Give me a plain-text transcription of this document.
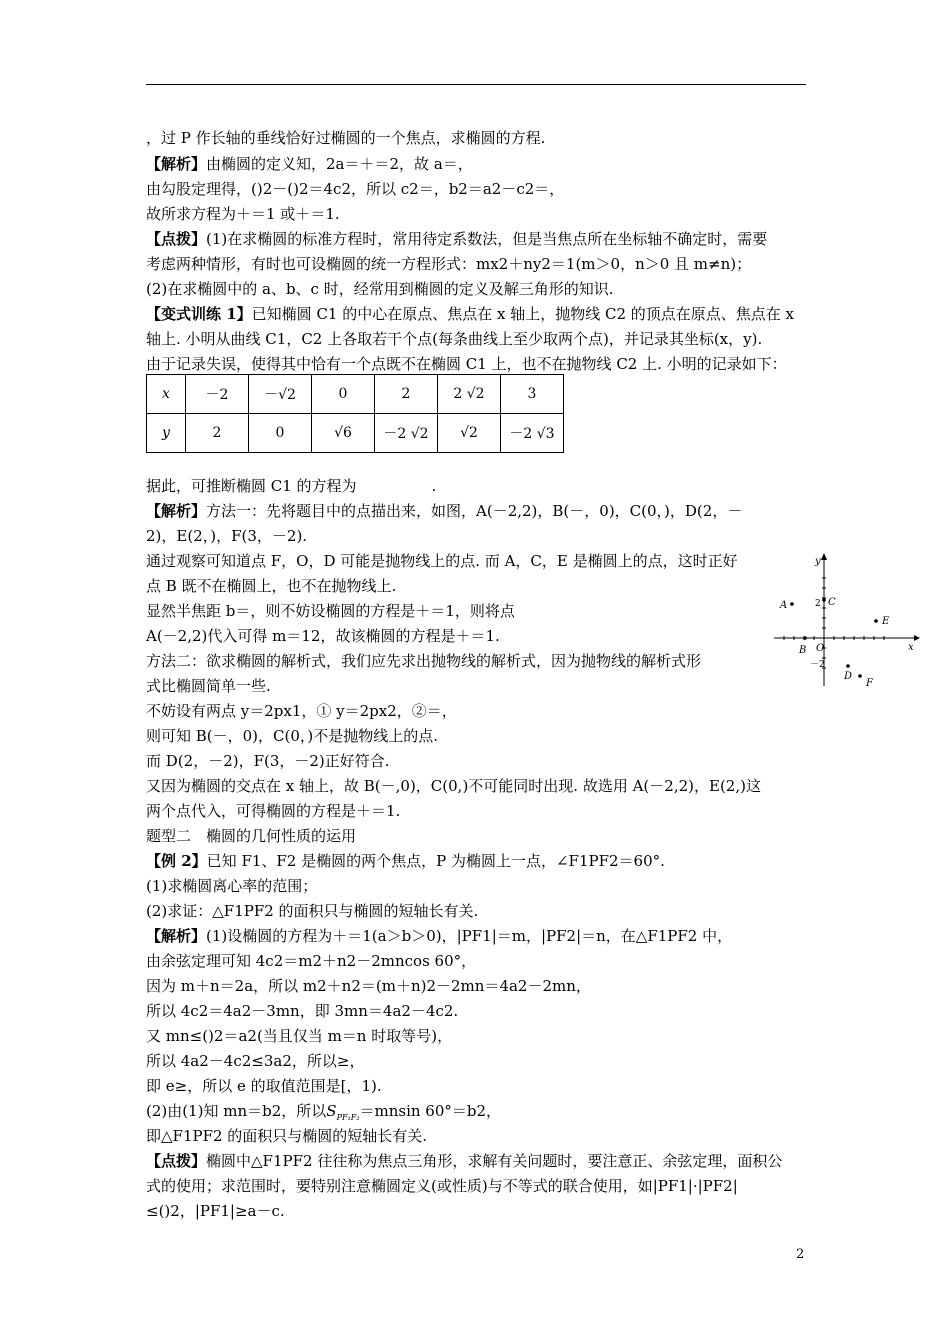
，过 P 作长轴的垂线恰好过椭圆的一个焦点，求椭圆的方程.
【解析】由椭圆的定义知，2a＝＋＝2，故 a＝，
由勾股定理得，()2－()2＝4c2，所以 c2＝，b2＝a2－c2＝，
故所求方程为＋＝1 或＋＝1.
【点拨】(1)在求椭圆的标准方程时，常用待定系数法，但是当焦点所在坐标轴不确定时，需要
考虑两种情形，有时也可设椭圆的统一方程形式：mx2＋ny2＝1(m＞0，n＞0 且 m≠n)；
(2)在求椭圆中的 a、b、c 时，经常用到椭圆的定义及解三角形的知识.
【变式训练 1】已知椭圆 C1 的中心在原点、焦点在 x 轴上，抛物线 C2 的顶点在原点、焦点在 x
轴上. 小明从曲线 C1，C2 上各取若干个点(每条曲线上至少取两个点)，并记录其坐标(x，y).
由于记录失误，使得其中恰有一个点既不在椭圆 C1 上，也不在抛物线 C2 上. 小明的记录如下：
x	－2	－√2	0	2	2 √2	3
y	2	0	√6	－2 √2	√2	－2 √3
据此，可推断椭圆 C1 的方程为　　　　　.
【解析】方法一：先将题目中的点描出来，如图，A(－2,2)，B(－，0)，C(0，)，D(2，－
2)，E(2，)，F(3，－2).
通过观察可知道点 F，O，D 可能是抛物线上的点. 而 A，C，E 是椭圆上的点，这时正好
点 B 既不在椭圆上，也不在抛物线上.
显然半焦距 b＝，则不妨设椭圆的方程是＋＝1，则将点
A(－2,2)代入可得 m＝12，故该椭圆的方程是＋＝1.
方法二：欲求椭圆的解析式，我们应先求出抛物线的解析式，因为抛物线的解析式形
式比椭圆简单一些.
不妨设有两点 y＝2px1，① y＝2px2，②＝，
则可知 B(－，0)，C(0，)不是抛物线上的点.
而 D(2，－2)，F(3，－2)正好符合.
又因为椭圆的交点在 x 轴上，故 B(－,0)，C(0,)不可能同时出现. 故选用 A(－2,2)，E(2,)这
两个点代入，可得椭圆的方程是＋＝1.
题型二　椭圆的几何性质的运用
【例 2】已知 F1、F2 是椭圆的两个焦点，P 为椭圆上一点，∠F1PF2＝60°.
(1)求椭圆离心率的范围；
(2)求证：△F1PF2 的面积只与椭圆的短轴长有关.
【解析】(1)设椭圆的方程为＋＝1(a＞b＞0)，|PF1|＝m，|PF2|＝n，在△F1PF2 中，
由余弦定理可知 4c2＝m2＋n2－2mncos 60°，
因为 m＋n＝2a，所以 m2＋n2＝(m＋n)2－2mn＝4a2－2mn，
所以 4c2＝4a2－3mn，即 3mn＝4a2－4c2.
又 mn≤()2＝a2(当且仅当 m＝n 时取等号)，
所以 4a2－4c2≤3a2，所以≥，
即 e≥，所以 e 的取值范围是[，1).
(2)由(1)知 mn＝b2，所以$S_{PF_1F_2}=mnsin$ 60°＝b2，
即△F1PF2 的面积只与椭圆的短轴长有关.
【点拨】椭圆中△F1PF2 往往称为焦点三角形，求解有关问题时，要注意正、余弦定理，面积公
式的使用；求范围时，要特别注意椭圆定义(或性质)与不等式的联合使用，如|PF1|·|PF2|
≤()2，|PF1|≥a－c.
x
y
O
2
－2
A
B
C
D
E
F
2
